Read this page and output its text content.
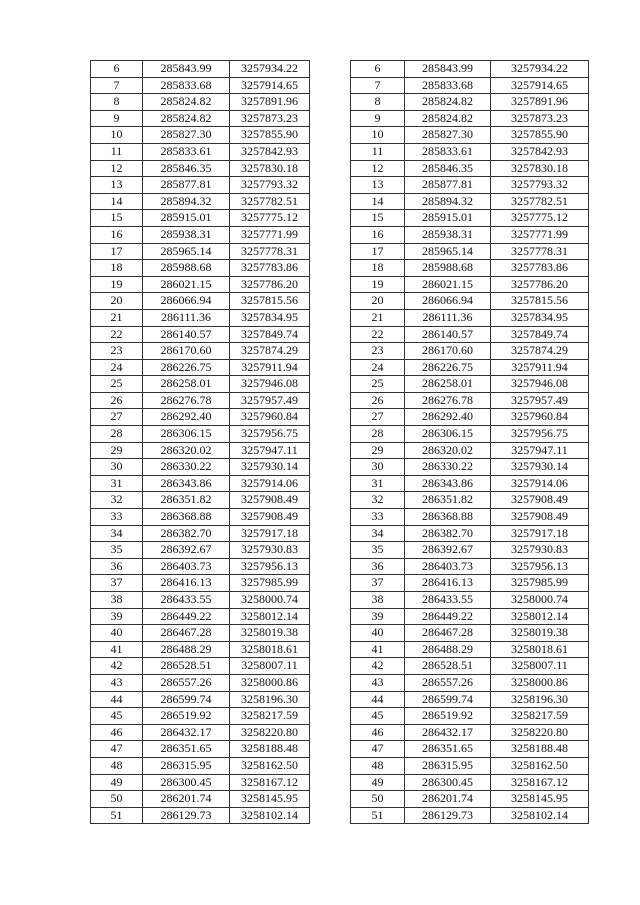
6	285843.99	3257934.22
7	285833.68	3257914.65
8	285824.82	3257891.96
9	285824.82	3257873.23
10	285827.30	3257855.90
11	285833.61	3257842.93
12	285846.35	3257830.18
13	285877.81	3257793.32
14	285894.32	3257782.51
15	285915.01	3257775.12
16	285938.31	3257771.99
17	285965.14	3257778.31
18	285988.68	3257783.86
19	286021.15	3257786.20
20	286066.94	3257815.56
21	286111.36	3257834.95
22	286140.57	3257849.74
23	286170.60	3257874.29
24	286226.75	3257911.94
25	286258.01	3257946.08
26	286276.78	3257957.49
27	286292.40	3257960.84
28	286306.15	3257956.75
29	286320.02	3257947.11
30	286330.22	3257930.14
31	286343.86	3257914.06
32	286351.82	3257908.49
33	286368.88	3257908.49
34	286382.70	3257917.18
35	286392.67	3257930.83
36	286403.73	3257956.13
37	286416.13	3257985.99
38	286433.55	3258000.74
39	286449.22	3258012.14
40	286467.28	3258019.38
41	286488.29	3258018.61
42	286528.51	3258007.11
43	286557.26	3258000.86
44	286599.74	3258196.30
45	286519.92	3258217.59
46	286432.17	3258220.80
47	286351.65	3258188.48
48	286315.95	3258162.50
49	286300.45	3258167.12
50	286201.74	3258145.95
51	286129.73	3258102.14
6	285843.99	3257934.22
7	285833.68	3257914.65
8	285824.82	3257891.96
9	285824.82	3257873.23
10	285827.30	3257855.90
11	285833.61	3257842.93
12	285846.35	3257830.18
13	285877.81	3257793.32
14	285894.32	3257782.51
15	285915.01	3257775.12
16	285938.31	3257771.99
17	285965.14	3257778.31
18	285988.68	3257783.86
19	286021.15	3257786.20
20	286066.94	3257815.56
21	286111.36	3257834.95
22	286140.57	3257849.74
23	286170.60	3257874.29
24	286226.75	3257911.94
25	286258.01	3257946.08
26	286276.78	3257957.49
27	286292.40	3257960.84
28	286306.15	3257956.75
29	286320.02	3257947.11
30	286330.22	3257930.14
31	286343.86	3257914.06
32	286351.82	3257908.49
33	286368.88	3257908.49
34	286382.70	3257917.18
35	286392.67	3257930.83
36	286403.73	3257956.13
37	286416.13	3257985.99
38	286433.55	3258000.74
39	286449.22	3258012.14
40	286467.28	3258019.38
41	286488.29	3258018.61
42	286528.51	3258007.11
43	286557.26	3258000.86
44	286599.74	3258196.30
45	286519.92	3258217.59
46	286432.17	3258220.80
47	286351.65	3258188.48
48	286315.95	3258162.50
49	286300.45	3258167.12
50	286201.74	3258145.95
51	286129.73	3258102.14
